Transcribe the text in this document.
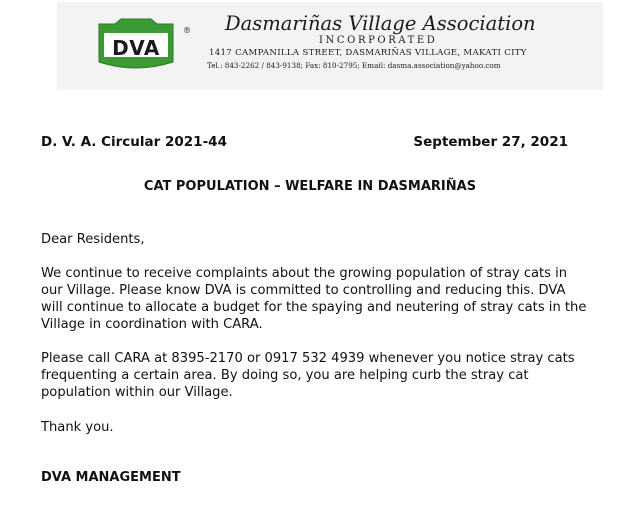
DVA
® Dasmariñas Village Association
INCORPORATED
1417 CAMPANILLA STREET, DASMARIÑAS VILLAGE, MAKATI CITY
Tel.: 843-2262 / 843-9138; Fax: 810-2795; Email: dasma.association@yahoo.com
D. V. A. Circular 2021-44	September 27, 2021
CAT POPULATION – WELFARE IN DASMARIÑAS
Dear Residents,
We continue to receive complaints about the growing population of stray cats in our Village. Please know DVA is committed to controlling and reducing this. DVA will continue to allocate a budget for the spaying and neutering of stray cats in the Village in coordination with CARA.
Please call CARA at 8395-2170 or 0917 532 4939 whenever you notice stray cats frequenting a certain area. By doing so, you are helping curb the stray cat population within our Village.
Thank you.
DVA MANAGEMENT
